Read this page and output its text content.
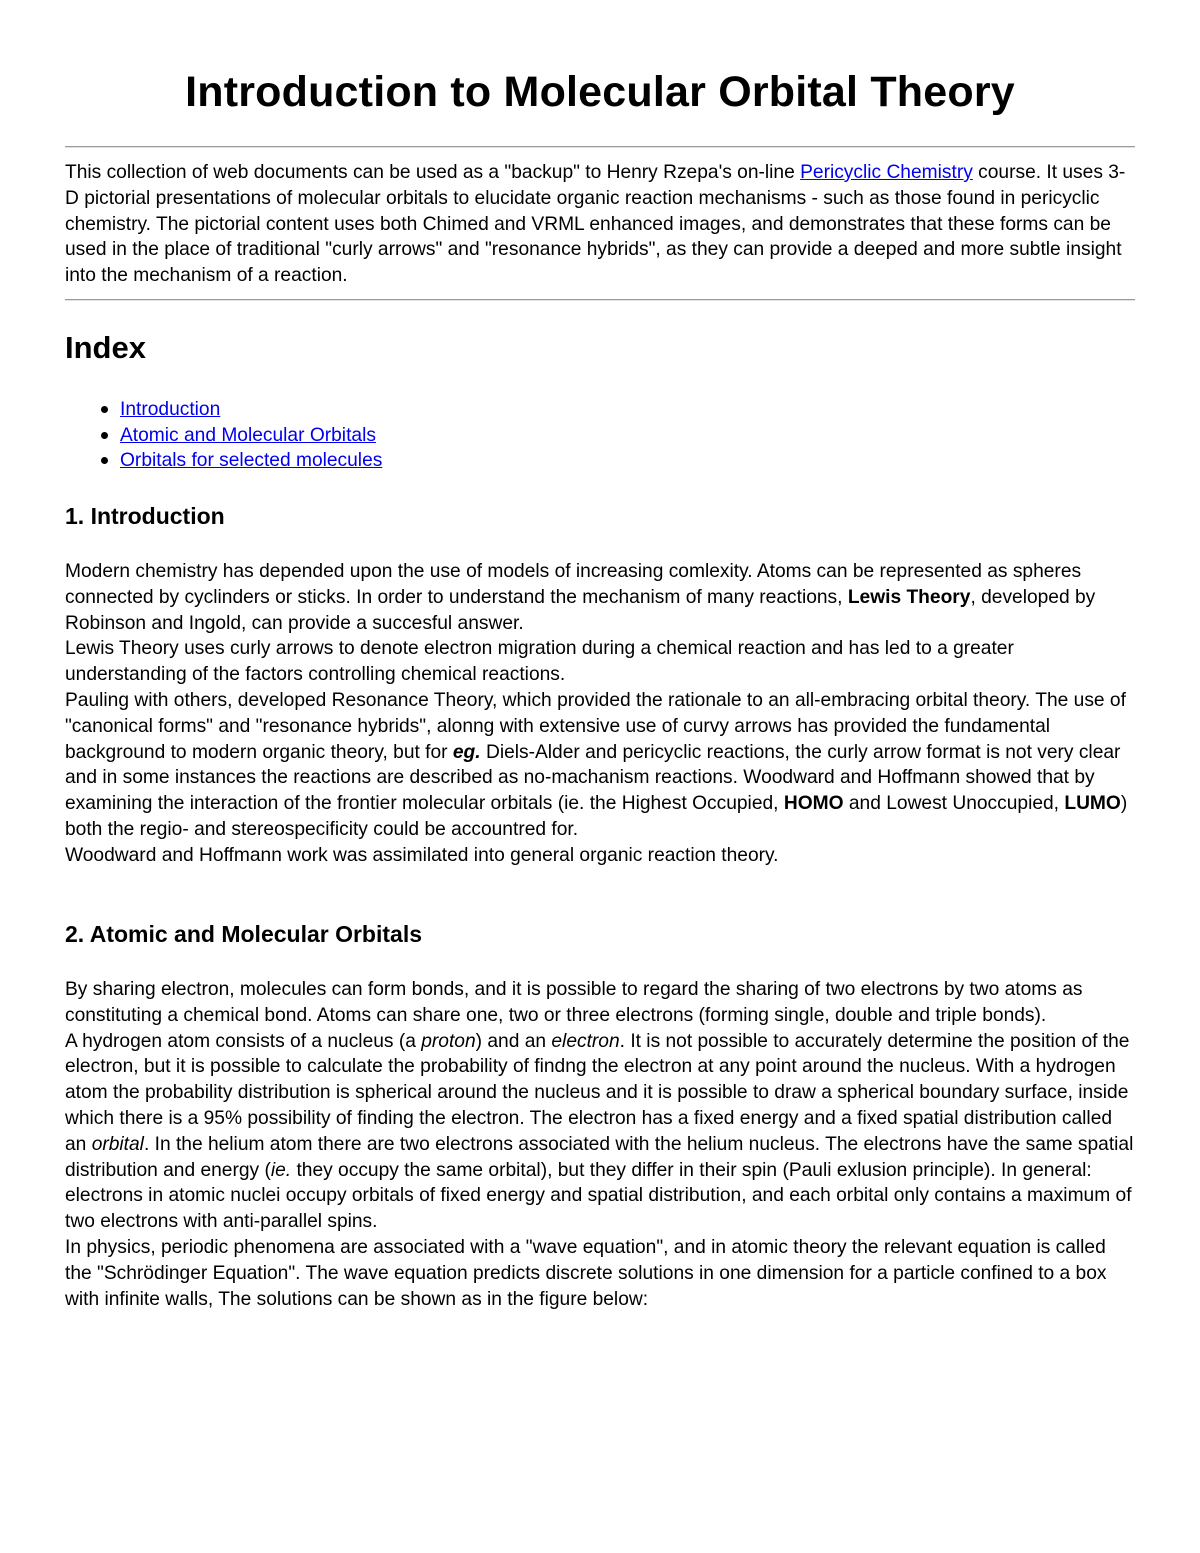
Introduction to Molecular Orbital Theory

This collection of web documents can be used as a "backup" to Henry Rzepa's on-line Pericyclic Chemistry course. It uses 3-D pictorial presentations of molecular orbitals to elucidate organic reaction mechanisms - such as those found in pericyclic chemistry. The pictorial content uses both Chimed and VRML enhanced images, and demonstrates that these forms can be used in the place of traditional "curly arrows" and "resonance hybrids", as they can provide a deeped and more subtle insight into the mechanism of a reaction.

Index
Introduction
Atomic and Molecular Orbitals
Orbitals for selected molecules
1. Introduction
Modern chemistry has depended upon the use of models of increasing comlexity. Atoms can be represented as spheres connected by cyclinders or sticks. In order to understand the mechanism of many reactions, Lewis Theory, developed by Robinson and Ingold, can provide a succesful answer.
Lewis Theory uses curly arrows to denote electron migration during a chemical reaction and has led to a greater understanding of the factors controlling chemical reactions.
Pauling with others, developed Resonance Theory, which provided the rationale to an all-embracing orbital theory. The use of "canonical forms" and "resonance hybrids", alonng with extensive use of curvy arrows has provided the fundamental background to modern organic theory, but for eg. Diels-Alder and pericyclic reactions, the curly arrow format is not very clear and in some instances the reactions are described as no-machanism reactions. Woodward and Hoffmann showed that by examining the interaction of the frontier molecular orbitals (ie. the Highest Occupied, HOMO and Lowest Unoccupied, LUMO) both the regio- and stereospecificity could be accountred for.
Woodward and Hoffmann work was assimilated into general organic reaction theory.
2. Atomic and Molecular Orbitals
By sharing electron, molecules can form bonds, and it is possible to regard the sharing of two electrons by two atoms as constituting a chemical bond. Atoms can share one, two or three electrons (forming single, double and triple bonds).
A hydrogen atom consists of a nucleus (a proton) and an electron. It is not possible to accurately determine the position of the electron, but it is possible to calculate the probability of findng the electron at any point around the nucleus. With a hydrogen atom the probability distribution is spherical around the nucleus and it is possible to draw a spherical boundary surface, inside which there is a 95% possibility of finding the electron. The electron has a fixed energy and a fixed spatial distribution called an orbital. In the helium atom there are two electrons associated with the helium nucleus. The electrons have the same spatial distribution and energy (ie. they occupy the same orbital), but they differ in their spin (Pauli exlusion principle). In general: electrons in atomic nuclei occupy orbitals of fixed energy and spatial distribution, and each orbital only contains a maximum of two electrons with anti-parallel spins.
In physics, periodic phenomena are associated with a "wave equation", and in atomic theory the relevant equation is called the "Schrödinger Equation". The wave equation predicts discrete solutions in one dimension for a particle confined to a box with infinite walls, The solutions can be shown as in the figure below:
